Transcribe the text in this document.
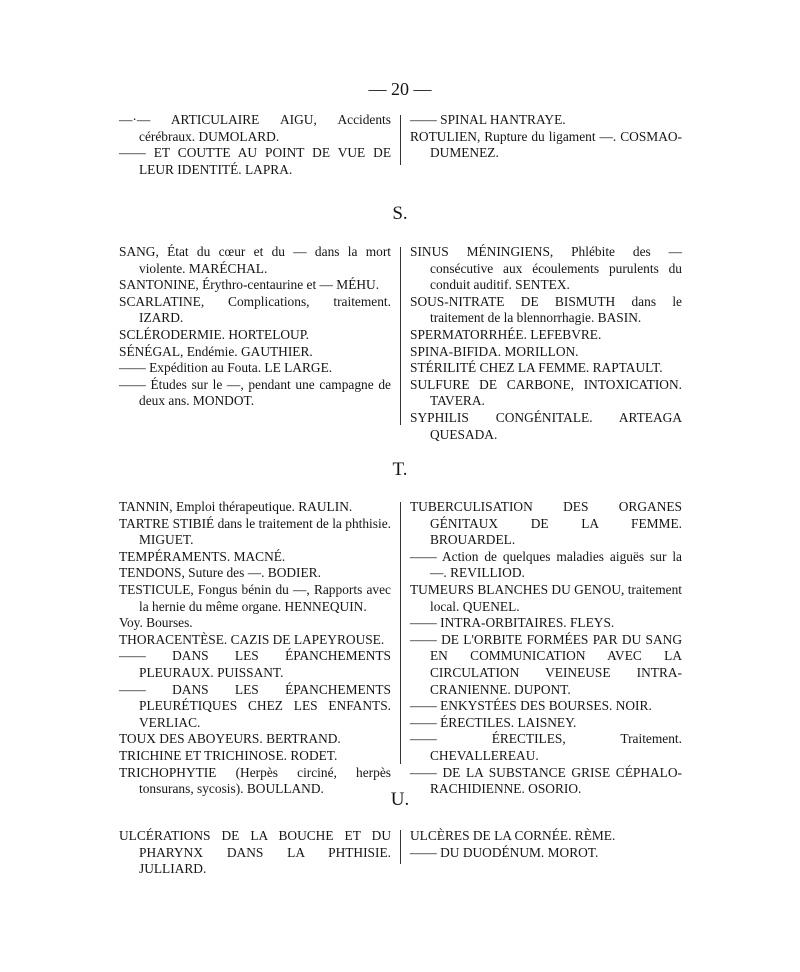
— 20 —

—·— ARTICULAIRE AIGU, Accidents cérébraux. DUMOLARD.

—— ET COUTTE AU POINT DE VUE DE LEUR IDENTITÉ. LAPRA.

—— SPINAL HANTRAYE.

ROTULIEN, Rupture du ligament —. COSMAO-DUMENEZ.

S.

SANG, État du cœur et du — dans la mort violente. MARÉCHAL.

SANTONINE, Érythro-centaurine et — MÉHU.

SCARLATINE, Complications, traitement. IZARD.

SCLÉRODERMIE. HORTELOUP.

SÉNÉGAL, Endémie. GAUTHIER.

—— Expédition au Fouta. LE LARGE.

—— Études sur le —, pendant une campagne de deux ans. MONDOT.

SINUS MÉNINGIENS, Phlébite des — consécutive aux écoulements purulents du conduit auditif. SENTEX.

SOUS-NITRATE DE BISMUTH dans le traitement de la blennorrhagie. BASIN.

SPERMATORRHÉE. LEFEBVRE.

SPINA-BIFIDA. MORILLON.

STÉRILITÉ CHEZ LA FEMME. RAPTAULT.

SULFURE DE CARBONE, INTOXICATION. TAVERA.

SYPHILIS CONGÉNITALE. ARTEAGA QUESADA.

T.

TANNIN, Emploi thérapeutique. RAULIN.

TARTRE STIBIÉ dans le traitement de la phthisie. MIGUET.

TEMPÉRAMENTS. MACNÉ.

TENDONS, Suture des —. BODIER.

TESTICULE, Fongus bénin du —, Rapports avec la hernie du même organe. HENNEQUIN.

Voy. Bourses.

THORACENTÈSE. CAZIS DE LAPEYROUSE.

—— DANS LES ÉPANCHEMENTS PLEURAUX. PUISSANT.

—— DANS LES ÉPANCHEMENTS PLEURÉTIQUES CHEZ LES ENFANTS. VERLIAC.

TOUX DES ABOYEURS. BERTRAND.

TRICHINE ET TRICHINOSE. RODET.

TRICHOPHYTIE (Herpès circiné, herpès tonsurans, sycosis). BOULLAND.

TUBERCULISATION DES ORGANES GÉNITAUX DE LA FEMME. BROUARDEL.

—— Action de quelques maladies aiguës sur la —. REVILLIOD.

TUMEURS BLANCHES DU GENOU, traitement local. QUENEL.

—— INTRA-ORBITAIRES. FLEYS.

—— DE L'ORBITE FORMÉES PAR DU SANG EN COMMUNICATION AVEC LA CIRCULATION VEINEUSE INTRA-CRANIENNE. DUPONT.

—— ENKYSTÉES DES BOURSES. NOIR.

—— ÉRECTILES. LAISNEY.

—— ÉRECTILES, Traitement. CHEVALLEREAU.

—— DE LA SUBSTANCE GRISE CÉPHALO-RACHIDIENNE. OSORIO.

U.

ULCÉRATIONS DE LA BOUCHE ET DU PHARYNX DANS LA PHTHISIE. JULLIARD.

ULCÈRES DE LA CORNÉE. RÈME.

—— DU DUODÉNUM. MOROT.
